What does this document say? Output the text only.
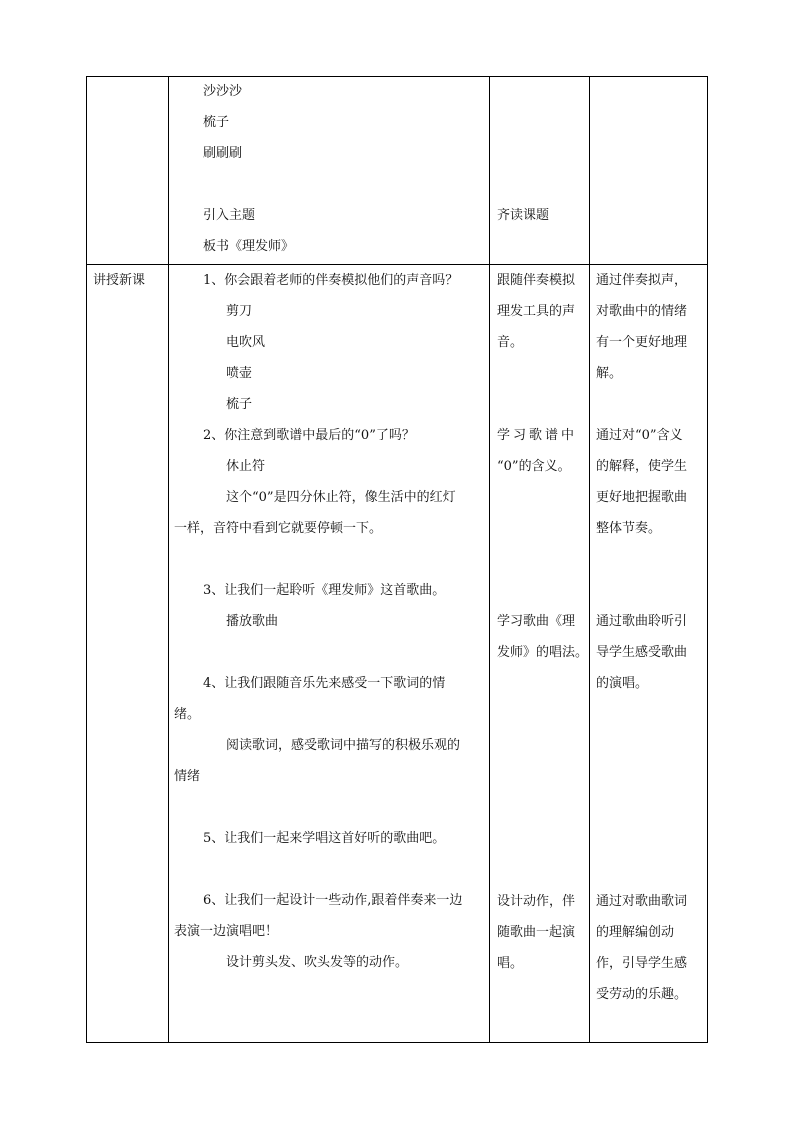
沙沙沙
梳子
刷刷刷
引入主题
板书《理发师》
齐读课题
讲授新课	1、你会跟着老师的伴奏模拟他们的声音吗？
剪刀
电吹风
喷壶
梳子
2、你注意到歌谱中最后的“0”了吗？
休止符
这个“0”是四分休止符，像生活中的红灯
一样，音符中看到它就要停顿一下。
3、让我们一起聆听《理发师》这首歌曲。
播放歌曲
4、让我们跟随音乐先来感受一下歌词的情
绪。
阅读歌词，感受歌词中描写的积极乐观的
情绪
5、让我们一起来学唱这首好听的歌曲吧。
6、让我们一起设计一些动作,跟着伴奏来一边
表演一边演唱吧！
设计剪头发、吹头发等的动作。
跟随伴奏模拟
理发工具的声
音。
学习歌谱中
“0”的含义。
学习歌曲《理
发师》的唱法。
设计动作，伴
随歌曲一起演
唱。
通过伴奏拟声，
对歌曲中的情绪
有一个更好地理
解。
通过对“0”含义
的解释，使学生
更好地把握歌曲
整体节奏。
通过歌曲聆听引
导学生感受歌曲
的演唱。
通过对歌曲歌词
的理解编创动
作，引导学生感
受劳动的乐趣。
